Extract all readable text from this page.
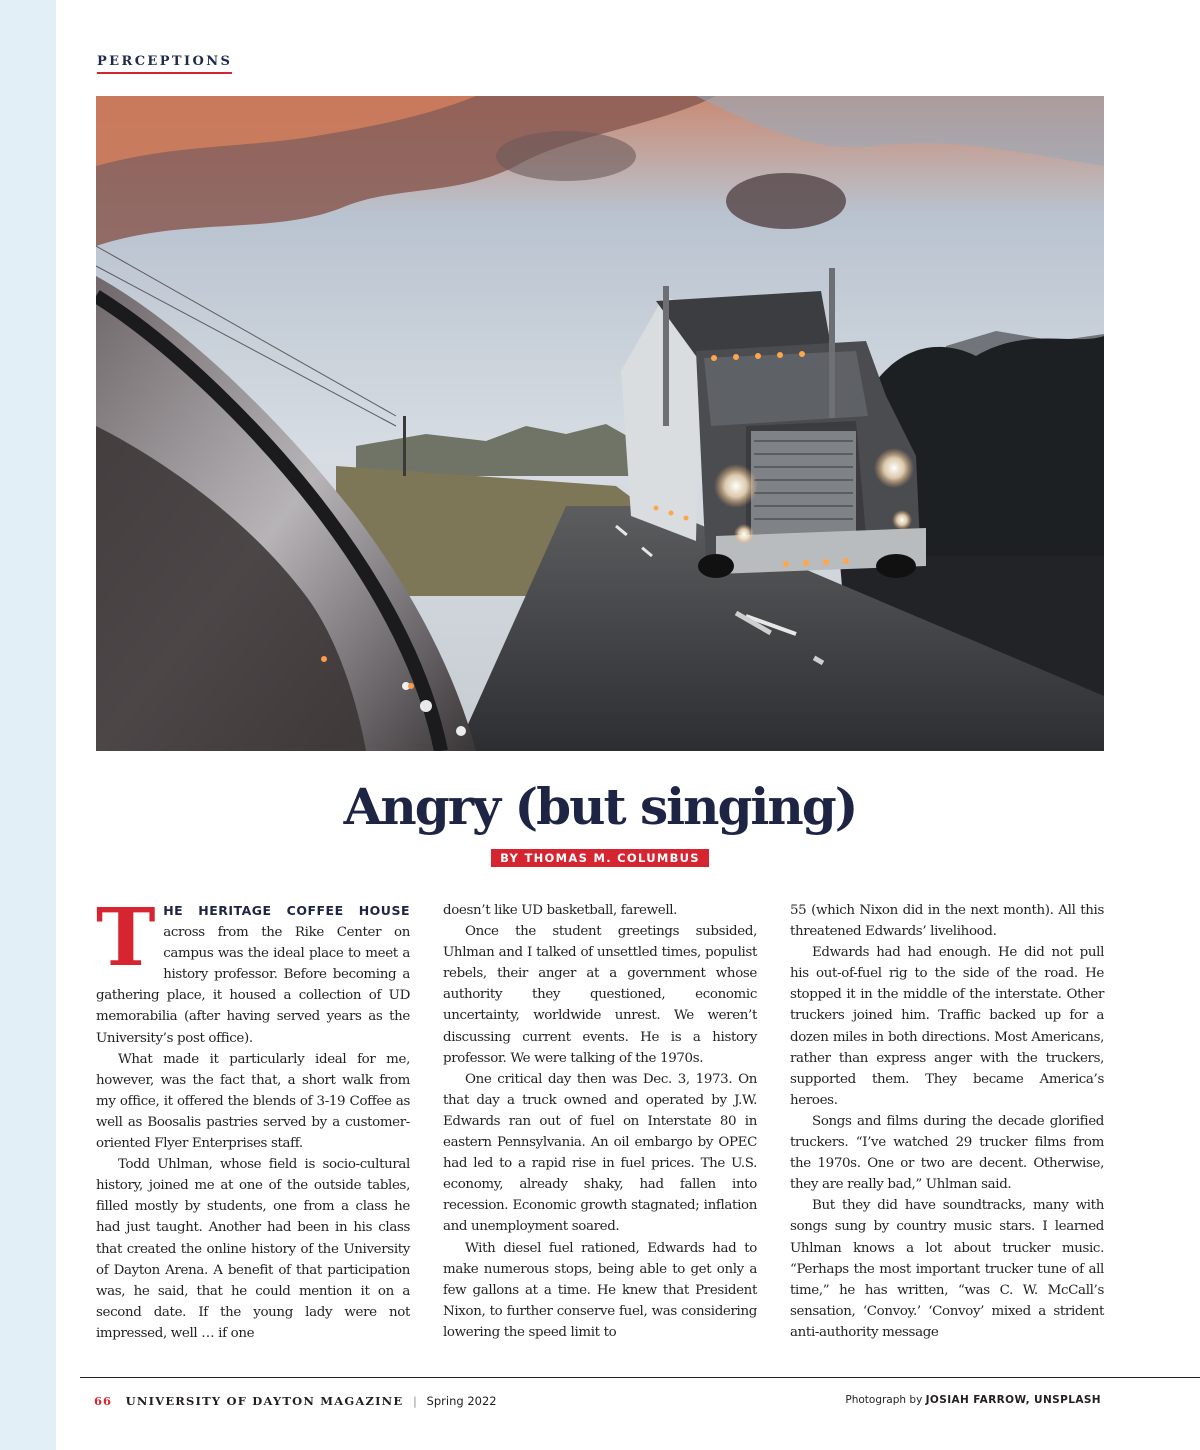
PERCEPTIONS
Angry (but singing)
BY THOMAS M. COLUMBUS
T HE HERITAGE COFFEE HOUSE across from the Rike Center on campus was the ideal place to meet a history professor. Before becoming a gathering place, it housed a collection of UD memorabilia (after having served years as the University’s post office).

What made it particularly ideal for me, however, was the fact that, a short walk from my office, it offered the blends of 3-19 Coffee as well as Boosalis pastries served by a customer-oriented Flyer Enterprises staff.

Todd Uhlman, whose field is socio-cultural history, joined me at one of the outside tables, filled mostly by students, one from a class he had just taught. Another had been in his class that created the online history of the University of Dayton Arena. A benefit of that participation was, he said, that he could mention it on a second date. If the young lady were not impressed, well … if one

doesn’t like UD basketball, farewell.

Once the student greetings subsided, Uhlman and I talked of unsettled times, populist rebels, their anger at a government whose authority they questioned, economic uncertainty, worldwide unrest. We weren’t discussing current events. He is a history professor. We were talking of the 1970s.

One critical day then was Dec. 3, 1973. On that day a truck owned and operated by J.W. Edwards ran out of fuel on Interstate 80 in eastern Pennsylvania. An oil embargo by OPEC had led to a rapid rise in fuel prices. The U.S. economy, already shaky, had fallen into recession. Economic growth stagnated; inflation and unemployment soared.

With diesel fuel rationed, Edwards had to make numerous stops, being able to get only a few gallons at a time. He knew that President Nixon, to further conserve fuel, was considering lowering the speed limit to

55 (which Nixon did in the next month). All this threatened Edwards’ livelihood.

Edwards had had enough. He did not pull his out-of-fuel rig to the side of the road. He stopped it in the middle of the interstate. Other truckers joined him. Traffic backed up for a dozen miles in both directions. Most Americans, rather than express anger with the truckers, supported them. They became America’s heroes.

Songs and films during the decade glorified truckers. “I’ve watched 29 trucker films from the 1970s. One or two are decent. Otherwise, they are really bad,” Uhlman said.

But they did have soundtracks, many with songs sung by country music stars. I learned Uhlman knows a lot about trucker music. “Perhaps the most important trucker tune of all time,” he has written, “was C. W. McCall’s sensation, ‘Convoy.’ ‘Convoy’ mixed a strident anti-authority message

66 UNIVERSITY OF DAYTON MAGAZINE | Spring 2022	Photograph by JOSIAH FARROW, UNSPLASH
